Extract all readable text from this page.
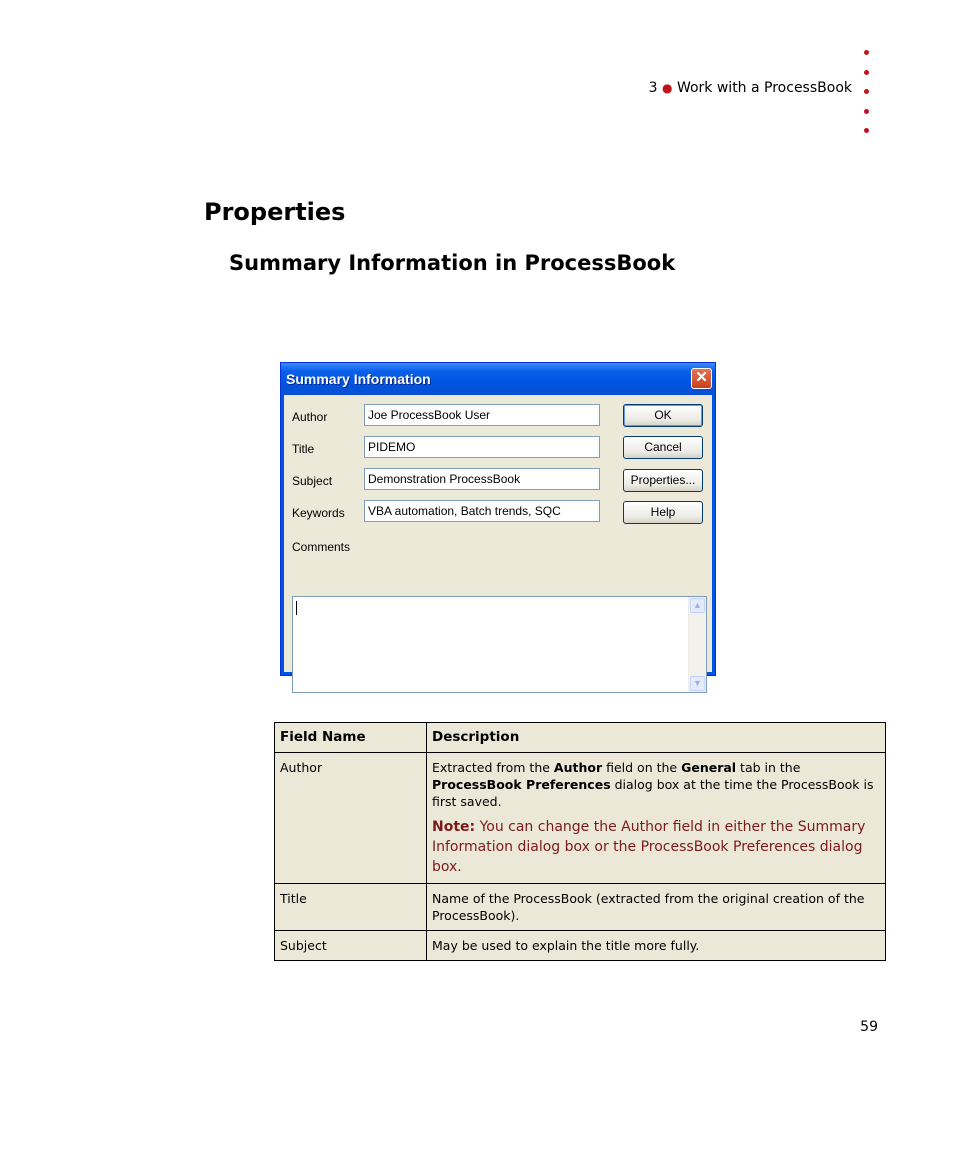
3 ● Work with a ProcessBook
Properties
Summary Information in ProcessBook
Summary Information	✕
Author	Joe ProcessBook User
Title	PIDEMO
Subject	Demonstration ProcessBook
Keywords	VBA automation, Batch trends, SQC
Comments
OK
Cancel
Properties...
Help
▲
▼
Field Name	Description
Author	Extracted from the Author field on the General tab in the ProcessBook Preferences dialog box at the time the ProcessBook is first saved.
Note: You can change the Author field in either the Summary Information dialog box or the ProcessBook Preferences dialog box.

Title	Name of the ProcessBook (extracted from the original creation of the ProcessBook).
Subject	May be used to explain the title more fully.
59
